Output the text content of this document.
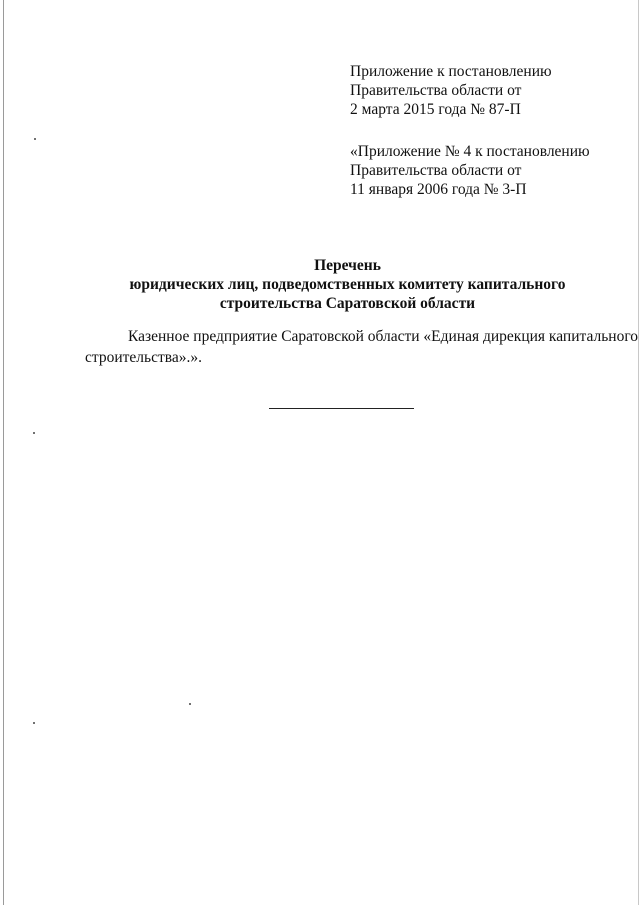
Приложение к постановлению
Правительства области от
2 марта 2015 года № 87-П
«Приложение № 4 к постановлению
Правительства области от
11 января 2006 года № 3-П
Перечень
юридических лиц, подведомственных комитету капитального
строительства Саратовской области
Казенное предприятие Саратовской области «Единая дирекция капитального
строительства».».
